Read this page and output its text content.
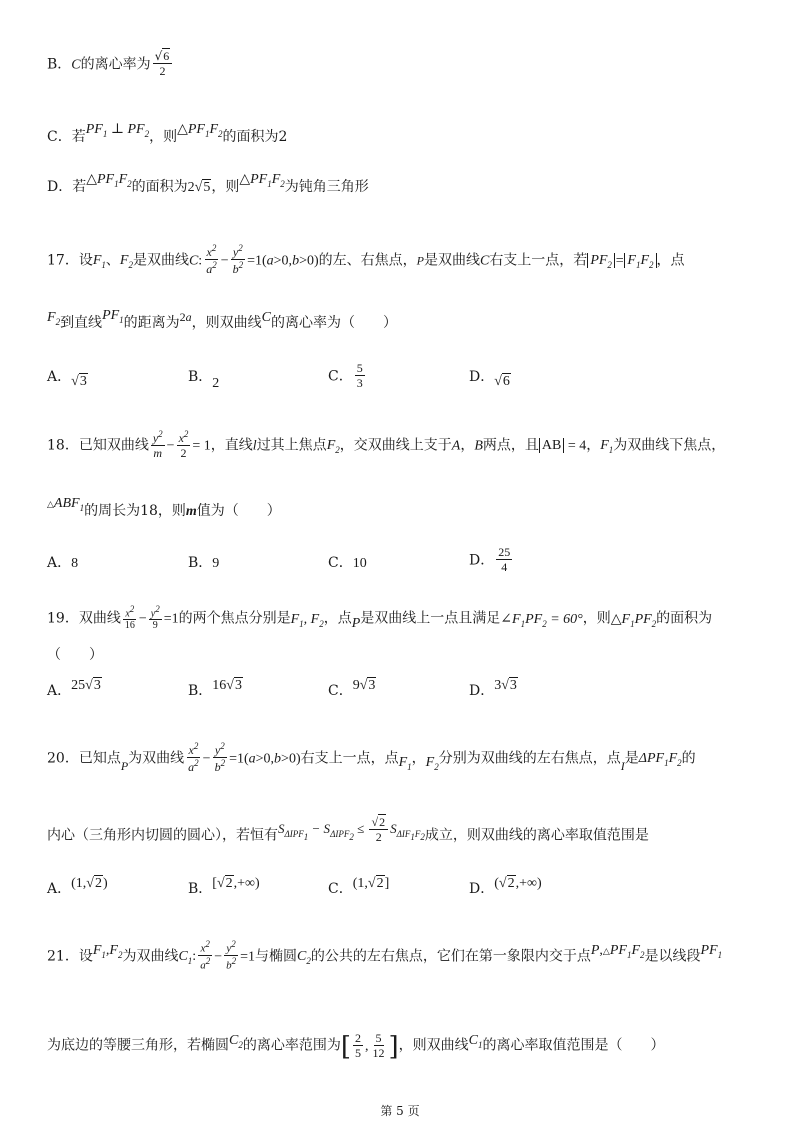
B．C的离心率为 $\frac{√6}{2}$
C．若$PF_1$ ⊥ $PF_2$，则$\triangle PF_1F_2$的面积为2
D．若$\triangle PF_1F_2$的面积为2√5，则$\triangle PF_1F_2$为钝角三角形
17．设$F_1$、$F_2$是双曲线C: $\frac{x^2}{a^2} - \frac{y^2}{b^2} =1(a>0,b>0)$的左、右焦点，P是双曲线C右支上一点，若 $PF_2 = F_1F_2$ ，点
$F_2$到直线$PF_1$的距离为2a，则双曲线C的离心率为（　　）
A．√3	B．2	C． $\frac{5}{3}$	D．√6
18．已知双曲线 $\frac{y^2}{m} - \frac{x^2}{2} = 1$，直线l过其上焦点$F_2$，交双曲线上支于A，B两点，且 AB = 4，$F_1$为双曲线下焦点，
$\triangle ABF_1$的周长为18，则m值为（　　）
A．8	B．9	C．10	D． $\frac{25}{4}$
19．双曲线 $\frac{x^2}{16} - \frac{y^2}{9} =1$的两个焦点分别是$F_1$, $F_2$，点P是双曲线上一点且满足$\angle F_1PF_2 = 60^\circ$，则$\triangle F_1PF_2$的面积为
（　　）
A．25√3	B．16√3	C．9√3	D．3√3
20．已知点P为双曲线 $\frac{x^2}{a^2} - \frac{y^2}{b^2} =1(a>0,b>0)$右支上一点，点$F_1$，$F_2$分别为双曲线的左右焦点，点I是$\Delta PF_1F_2$的
内心（三角形内切圆的圆心），若恒有$S_{\Delta IPF_1} - S_{\Delta IPF_2} \le \frac{√2}{2} S_{\Delta IF_1F_2}$成立，则双曲线的离心率取值范围是
A．(1,√2)	B．[√2,+∞)	C．(1,√2]	D．(√2,+∞)
21．设$F_1,F_2$为双曲线$C_1$: $\frac{x^2}{a^2} - \frac{y^2}{b^2} =1$与椭圆$C_2$的公共的左右焦点，它们在第一象限内交于点$P,\triangle PF_1F_2$是以线段$PF_1$
为底边的等腰三角形，若椭圆$C_2$的离心率范围为[ $\frac{2}{5}$ , $\frac{5}{12}$ ]，则双曲线$C_1$的离心率取值范围是（　　）
第 5 页
